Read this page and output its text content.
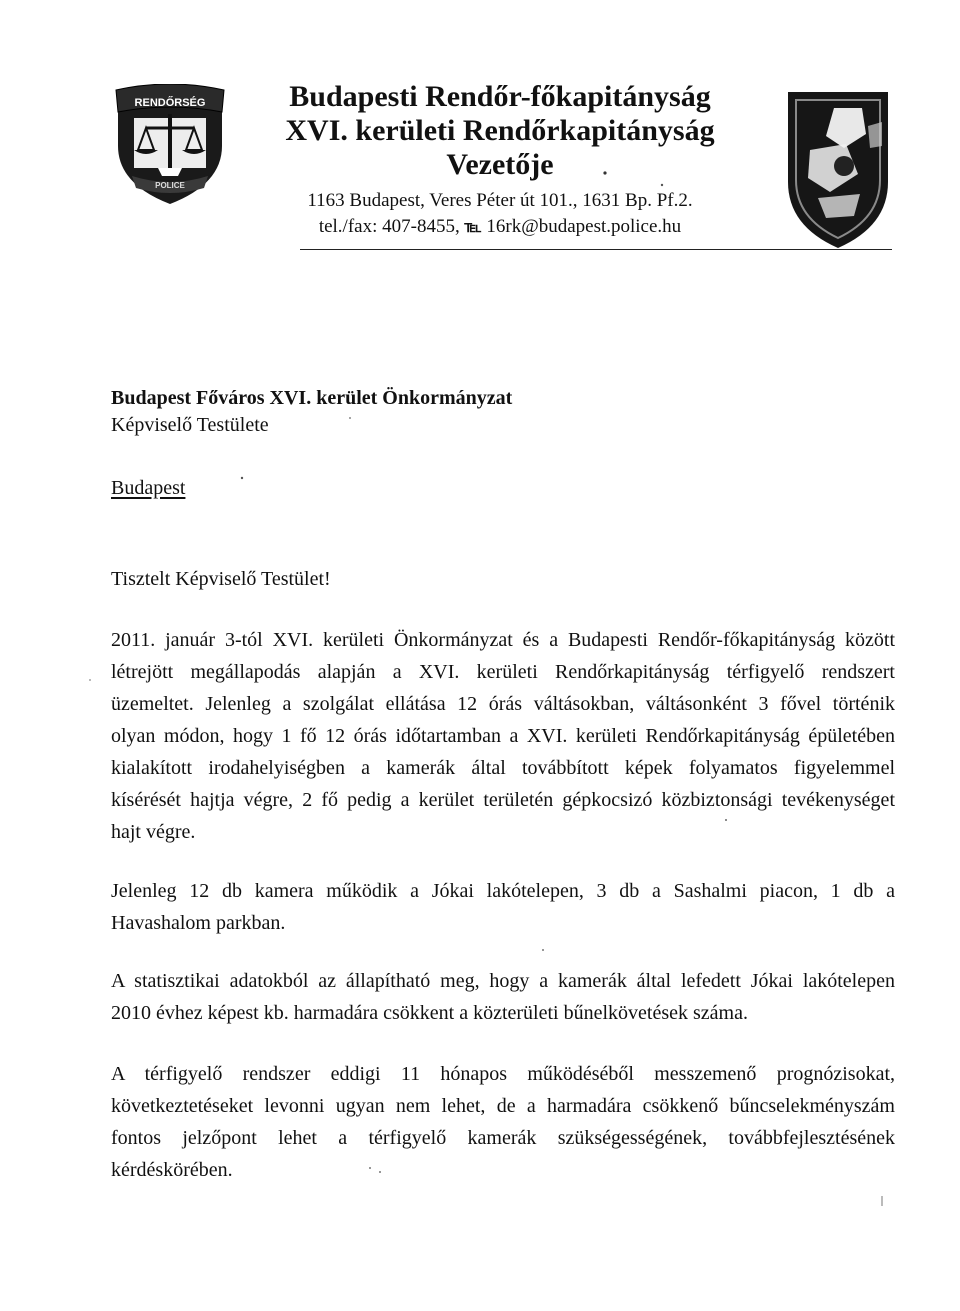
RENDŐRSÉG
POLICE
Budapesti Rendőr-főkapitányság
XVI. kerületi Rendőrkapitányság
Vezetője
1163 Budapest, Veres Péter út 101., 1631 Bp. Pf.2.
tel./fax: 407-8455, ℡ 16rk@budapest.police.hu
Budapest Főváros XVI. kerület Önkormányzat
Képviselő Testülete
Budapest
Tisztelt Képviselő Testület!
2011. január 3-tól XVI. kerületi Önkormányzat és a Budapesti Rendőr-főkapitányság között
létrejött megállapodás alapján a XVI. kerületi Rendőrkapitányság térfigyelő rendszert
üzemeltet. Jelenleg a szolgálat ellátása 12 órás váltásokban, váltásonként 3 fővel történik
olyan módon, hogy 1 fő 12 órás időtartamban a XVI. kerületi Rendőrkapitányság épületében
kialakított irodahelyiségben a kamerák által továbbított képek folyamatos figyelemmel
kísérését hajtja végre, 2 fő pedig a kerület területén gépkocsizó közbiztonsági tevékenységet
hajt végre.
Jelenleg 12 db kamera működik a Jókai lakótelepen, 3 db a Sashalmi piacon, 1 db a
Havashalom parkban.
A statisztikai adatokból az állapítható meg, hogy a kamerák által lefedett Jókai lakótelepen
2010 évhez képest kb. harmadára csökkent a közterületi bűnelkövetések száma.
A térfigyelő rendszer eddigi 11 hónapos működéséből messzemenő prognózisokat,
következtetéseket levonni ugyan nem lehet, de a harmadára csökkenő bűncselekményszám
fontos jelzőpont lehet a térfigyelő kamerák szükségességének, továbbfejlesztésének
kérdéskörében.
